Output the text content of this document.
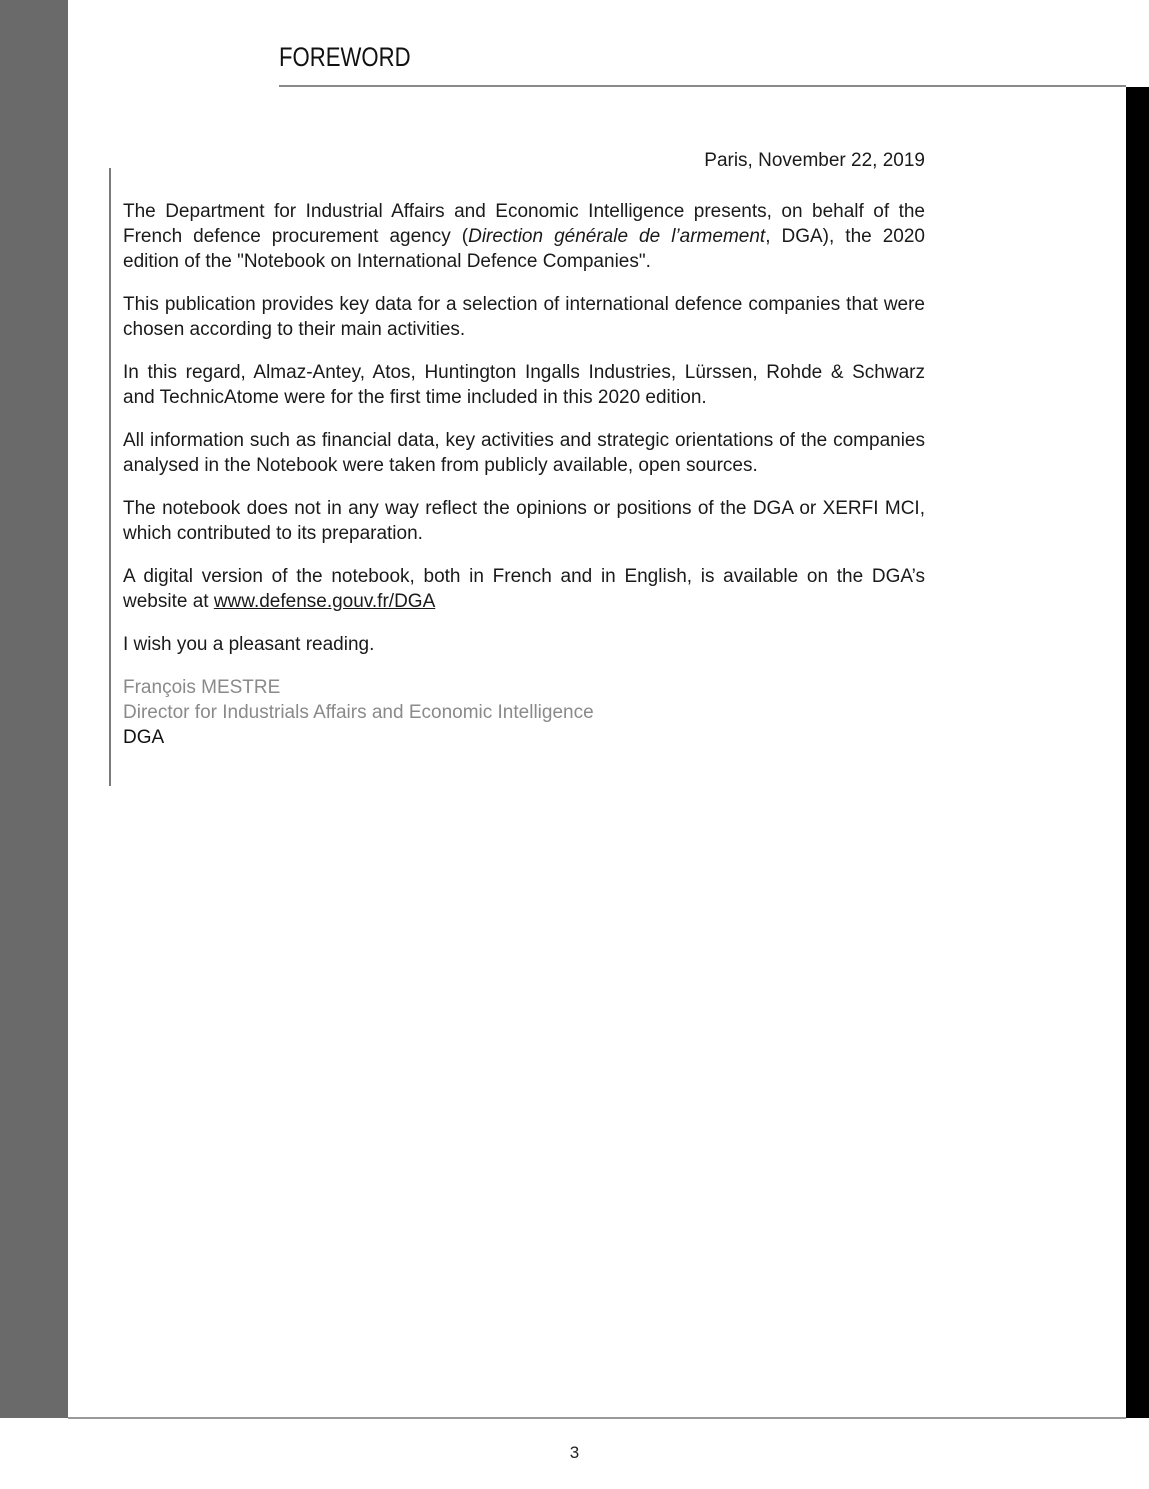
FOREWORD

Paris, November 22, 2019

The Department for Industrial Affairs and Economic Intelligence presents, on behalf of the French defence procurement agency (Direction générale de l’armement, DGA), the 2020 edition of the "Notebook on International Defence Companies".

This publication provides key data for a selection of international defence companies that were chosen according to their main activities.

In this regard, Almaz-Antey, Atos, Huntington Ingalls Industries, Lürssen, Rohde & Schwarz and TechnicAtome were for the first time included in this 2020 edition.

All information such as financial data, key activities and strategic orientations of the companies analysed in the Notebook were taken from publicly available, open sources.

The notebook does not in any way reflect the opinions or positions of the DGA or XERFI MCI, which contributed to its preparation.

A digital version of the notebook, both in French and in English, is available on the DGA’s website at www.defense.gouv.fr/DGA

I wish you a pleasant reading.

François MESTRE
Director for Industrials Affairs and Economic Intelligence
DGA

3
